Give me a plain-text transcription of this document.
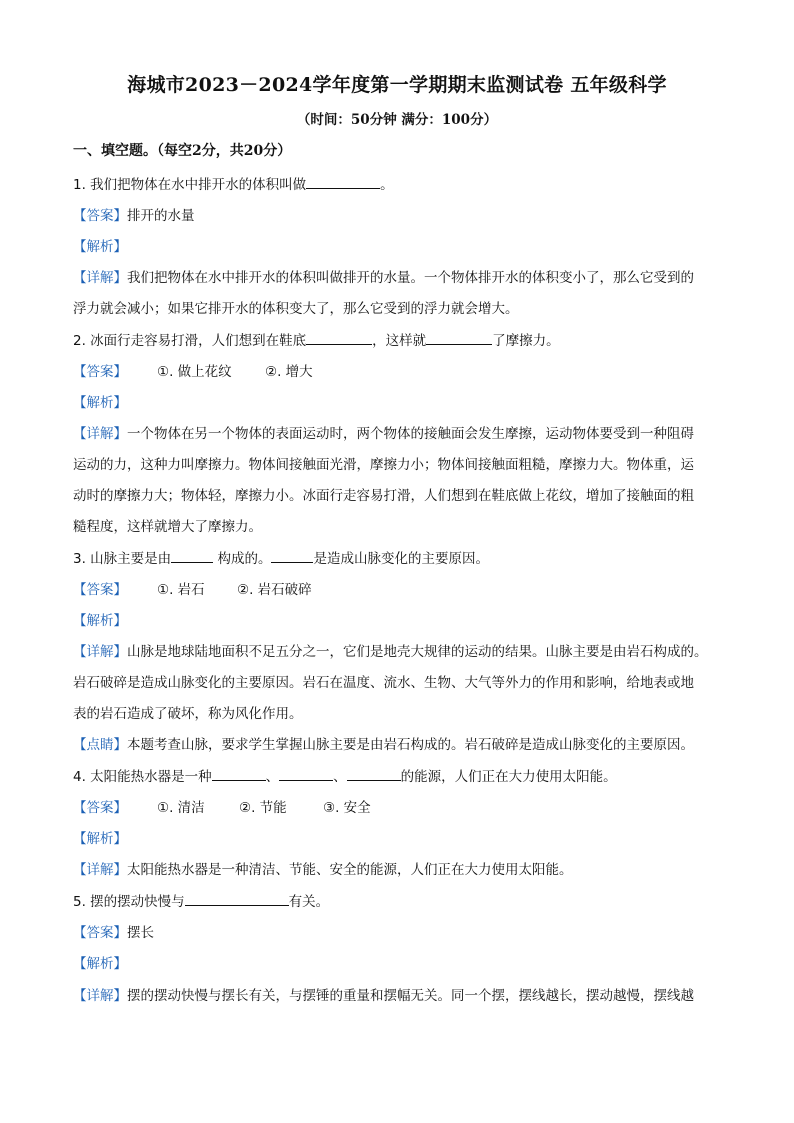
海城市2023－2024学年度第一学期期末监测试卷 五年级科学
（时间：50分钟 满分：100分）
一、填空题。（每空2分，共20分）
1. 我们把物体在水中排开水的体积叫做	。
【答案】排开的水量
【解析】
【详解】我们把物体在水中排开水的体积叫做排开的水量。一个物体排开水的体积变小了，那么它受到的
浮力就会减小；如果它排开水的体积变大了，那么它受到的浮力就会增大。
2. 冰面行走容易打滑，人们想到在鞋底	，这样就	了摩擦力。
【答案】 ①. 做上花纹 ②. 增大
【解析】
【详解】一个物体在另一个物体的表面运动时，两个物体的接触面会发生摩擦，运动物体要受到一种阻碍
运动的力，这种力叫摩擦力。物体间接触面光滑，摩擦力小；物体间接触面粗糙，摩擦力大。物体重，运
动时的摩擦力大；物体轻，摩擦力小。冰面行走容易打滑，人们想到在鞋底做上花纹，增加了接触面的粗
糙程度，这样就增大了摩擦力。
3. 山脉主要是由	构成的。	是造成山脉变化的主要原因。
【答案】 ①. 岩石 ②. 岩石破碎
【解析】
【详解】山脉是地球陆地面积不足五分之一，它们是地壳大规律的运动的结果。山脉主要是由岩石构成的。
岩石破碎是造成山脉变化的主要原因。岩石在温度、流水、生物、大气等外力的作用和影响，给地表或地
表的岩石造成了破坏，称为风化作用。
【点睛】本题考查山脉，要求学生掌握山脉主要是由岩石构成的。岩石破碎是造成山脉变化的主要原因。
4. 太阳能热水器是一种	、	、	的能源，人们正在大力使用太阳能。
【答案】 ①. 清洁	②. 节能	③. 安全
【解析】
【详解】太阳能热水器是一种清洁、节能、安全的能源，人们正在大力使用太阳能。
5. 摆的摆动快慢与	有关。
【答案】摆长
【解析】
【详解】摆的摆动快慢与摆长有关，与摆锤的重量和摆幅无关。同一个摆，摆线越长，摆动越慢，摆线越
